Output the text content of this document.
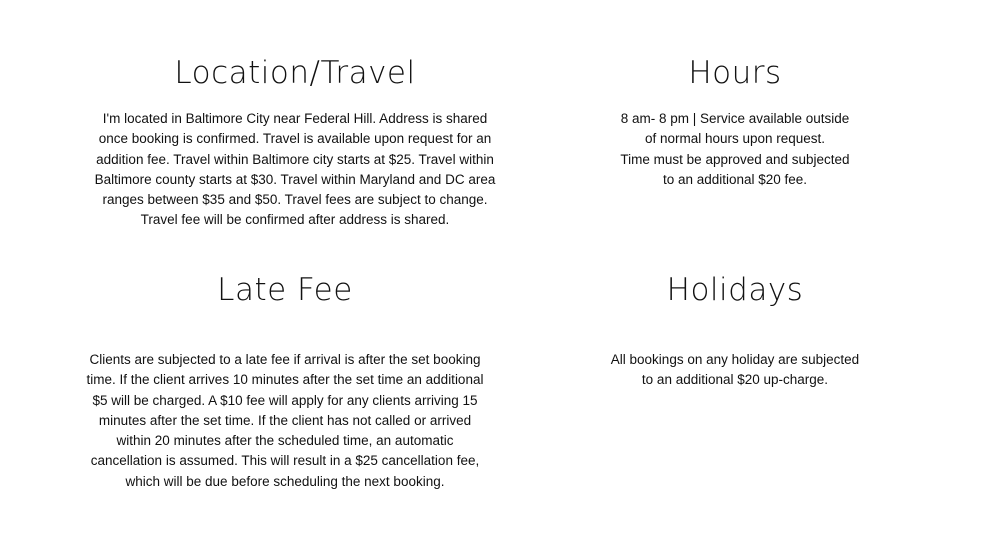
Location/Travel

I'm located in Baltimore City near Federal Hill. Address is shared
once booking is confirmed. Travel is available upon request for an
addition fee. Travel within Baltimore city starts at $25. Travel within
Baltimore county starts at $30. Travel within Maryland and DC area
ranges between $35 and $50. Travel fees are subject to change.
Travel fee will be confirmed after address is shared.

Hours

8 am- 8 pm | Service available outside
of normal hours upon request.
Time must be approved and subjected
to an additional $20 fee.

Late Fee

Clients are subjected to a late fee if arrival is after the set booking
time. If the client arrives 10 minutes after the set time an additional
$5 will be charged. A $10 fee will apply for any clients arriving 15
minutes after the set time. If the client has not called or arrived
within 20 minutes after the scheduled time, an automatic
cancellation is assumed. This will result in a $25 cancellation fee,
which will be due before scheduling the next booking.

Holidays

All bookings on any holiday are subjected
to an additional $20 up-charge.
